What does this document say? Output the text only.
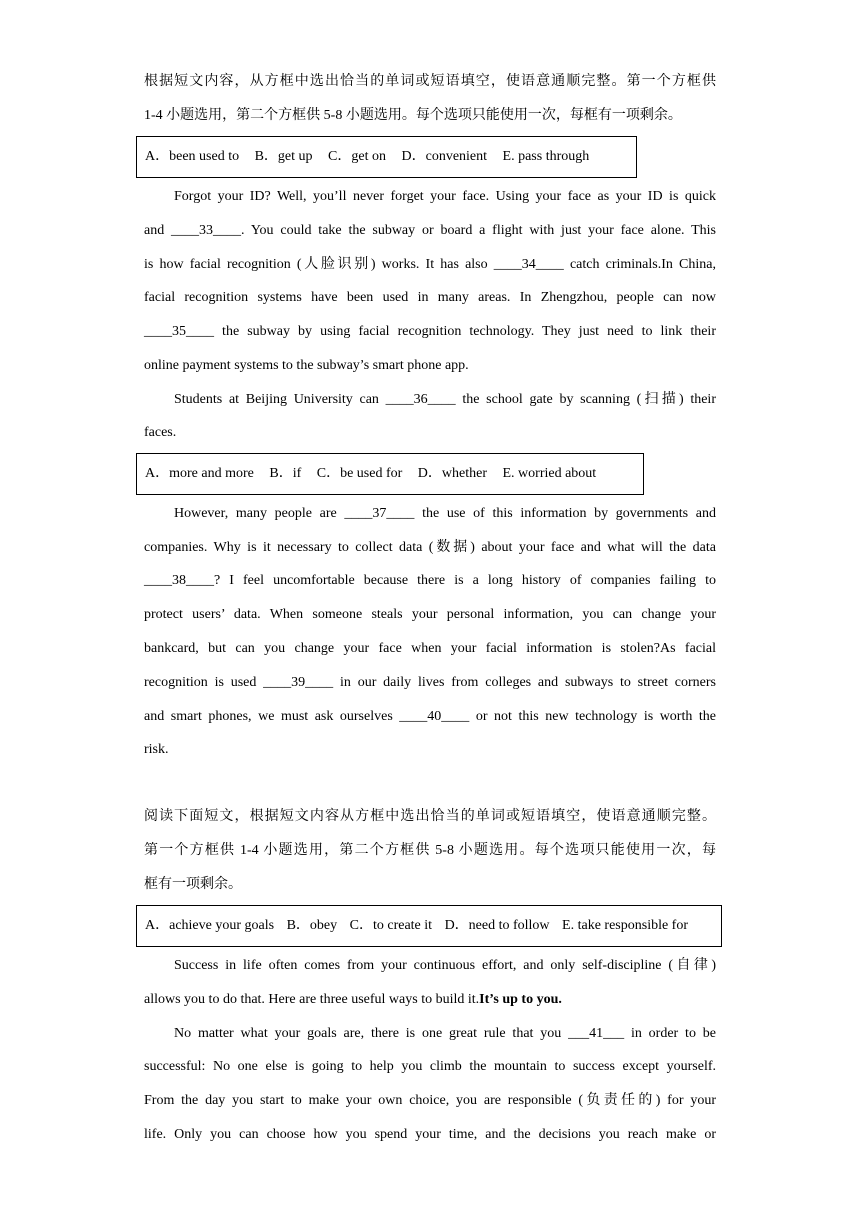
根据短文内容，从方框中选出恰当的单词或短语填空，使语意通顺完整。第一个方框供
1-4 小题选用，第二个方框供 5-8 小题选用。每个选项只能使用一次，每框有一项剩余。
A．been used to B．get up C．get on D．convenient E. pass through
Forgot your ID? Well, you’ll never forget your face. Using your face as your ID is quick
and ____33____. You could take the subway or board a flight with just your face alone. This
is how facial recognition (人脸识别) works. It has also ____34____ catch criminals.In China,
facial recognition systems have been used in many areas. In Zhengzhou, people can now
____35____ the subway by using facial recognition technology. They just need to link their
online payment systems to the subway’s smart phone app.
Students at Beijing University can ____36____ the school gate by scanning (扫描) their
faces.
A．more and more B．if C．be used for D．whether E. worried about
However, many people are ____37____ the use of this information by governments and
companies. Why is it necessary to collect data (数据) about your face and what will the data
____38____? I feel uncomfortable because there is a long history of companies failing to
protect users’ data. When someone steals your personal information, you can change your
bankcard, but can you change your face when your facial information is stolen?As facial
recognition is used ____39____ in our daily lives from colleges and subways to street corners
and smart phones, we must ask ourselves ____40____ or not this new technology is worth the
risk.
阅读下面短文，根据短文内容从方框中选出恰当的单词或短语填空，使语意通顺完整。
第一个方框供 1-4 小题选用，第二个方框供 5-8 小题选用。每个选项只能使用一次，每
框有一项剩余。
A．achieve your goals B．obey C．to create it D．need to follow E. take responsible for
Success in life often comes from your continuous effort, and only self-discipline (自律)
allows you to do that. Here are three useful ways to build it.It’s up to you.
No matter what your goals are, there is one great rule that you ___41___ in order to be
successful: No one else is going to help you climb the mountain to success except yourself.
From the day you start to make your own choice, you are responsible (负责任的) for your
life. Only you can choose how you spend your time, and the decisions you reach make or
